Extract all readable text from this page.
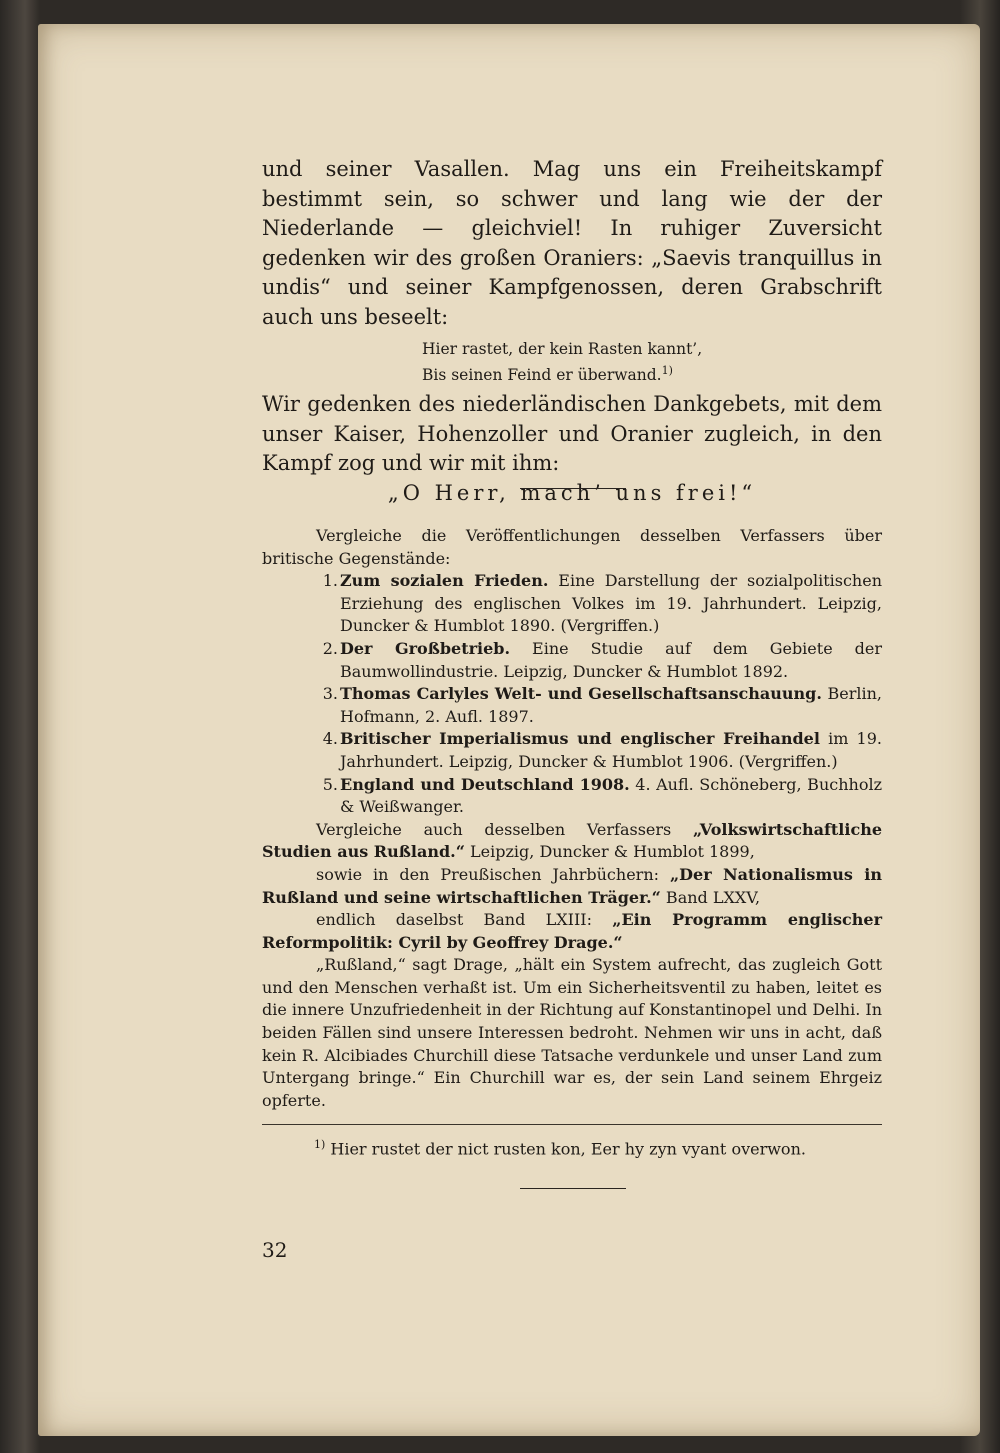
und seiner Vasallen. Mag uns ein Freiheitskampf bestimmt sein, so schwer und lang wie der der Niederlande — gleichviel! In ruhiger Zuversicht gedenken wir des großen Oraniers: „Saevis tranquillus in undis“ und seiner Kampfgenossen, deren Grabschrift auch uns beseelt:

Hier rastet, der kein Rasten kannt’,
Bis seinen Feind er überwand.$^{1)}$

Wir gedenken des niederländischen Dankgebets, mit dem unser Kaiser, Hohenzoller und Oranier zugleich, in den Kampf zog und wir mit ihm:

„O Herr, mach’ uns frei!“

Vergleiche die Veröffentlichungen desselben Verfassers über britische Gegenstände:

1. Zum sozialen Frieden. Eine Darstellung der sozialpolitischen Erziehung des englischen Volkes im 19. Jahrhundert. Leipzig, Duncker & Humblot 1890. (Vergriffen.)
2. Der Großbetrieb. Eine Studie auf dem Gebiete der Baumwollindustrie. Leipzig, Duncker & Humblot 1892.
3. Thomas Carlyles Welt- und Gesellschaftsanschauung. Berlin, Hofmann, 2. Aufl. 1897.
4. Britischer Imperialismus und englischer Freihandel im 19. Jahrhundert. Leipzig, Duncker & Humblot 1906. (Vergriffen.)
5. England und Deutschland 1908. 4. Aufl. Schöneberg, Buchholz & Weißwanger.

Vergleiche auch desselben Verfassers „Volkswirtschaftliche Studien aus Rußland.“ Leipzig, Duncker & Humblot 1899,

sowie in den Preußischen Jahrbüchern: „Der Nationalismus in Rußland und seine wirtschaftlichen Träger.“ Band LXXV,

endlich daselbst Band LXIII: „Ein Programm englischer Reformpolitik: Cyril by Geoffrey Drage.“

„Rußland,“ sagt Drage, „hält ein System aufrecht, das zugleich Gott und den Menschen verhaßt ist. Um ein Sicherheitsventil zu haben, leitet es die innere Unzufriedenheit in der Richtung auf Konstantinopel und Delhi. In beiden Fällen sind unsere Interessen bedroht. Nehmen wir uns in acht, daß kein R. Alcibiades Churchill diese Tatsache verdunkele und unser Land zum Untergang bringe.“ Ein Churchill war es, der sein Land seinem Ehrgeiz opferte.

$^{1)}$ Hier rustet der nict rusten kon, Eer hy zyn vyant overwon.
32
